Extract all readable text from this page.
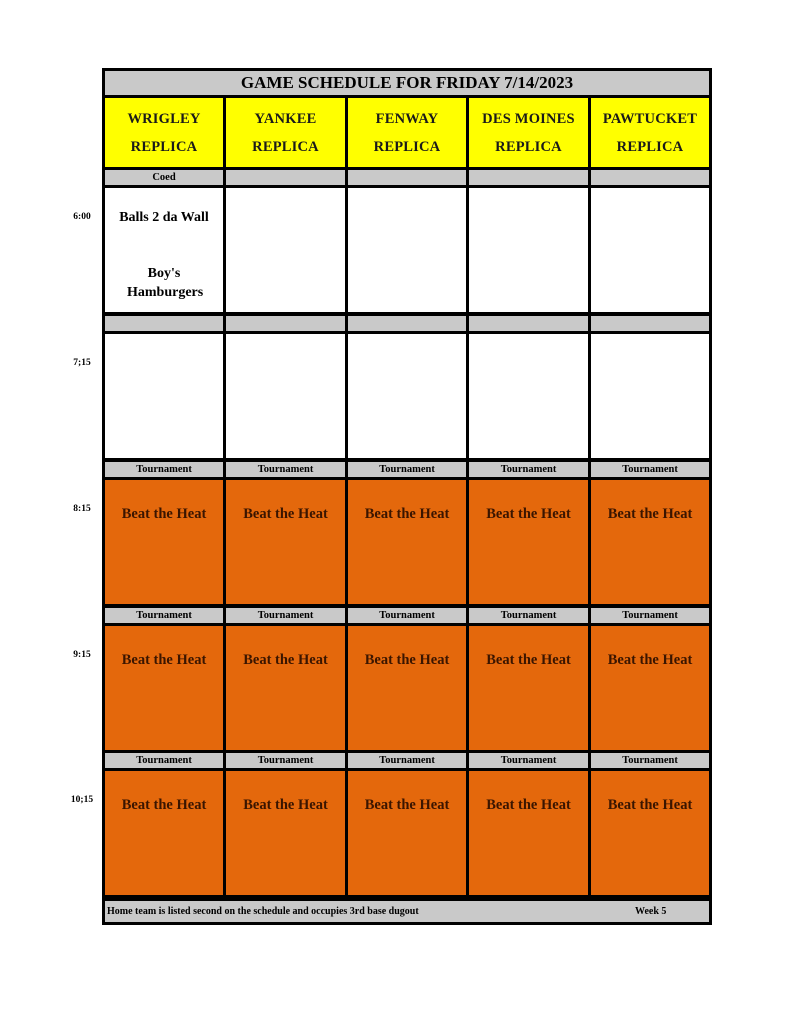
GAME SCHEDULE FOR FRIDAY 7/14/2023
WRIGLEY
REPLICA
YANKEE
REPLICA
FENWAY
REPLICA
DES MOINES
REPLICA
PAWTUCKET
REPLICA
Home team is listed second on the schedule and occupies 3rd base dugout	Week 5
Coed
Balls 2 da Wall
Boy's Hamburgers
Tournament
Beat the Heat
Tournament
Beat the Heat
Tournament
Beat the Heat
Tournament
Beat the Heat
Tournament
Beat the Heat
Tournament
Beat the Heat
Tournament
Beat the Heat
Tournament
Beat the Heat
Tournament
Beat the Heat
Tournament
Beat the Heat
Tournament
Beat the Heat
Tournament
Beat the Heat
Tournament
Beat the Heat
Tournament
Beat the Heat
Tournament
Beat the Heat
6:00
7;15
8:15
9:15
10;15
